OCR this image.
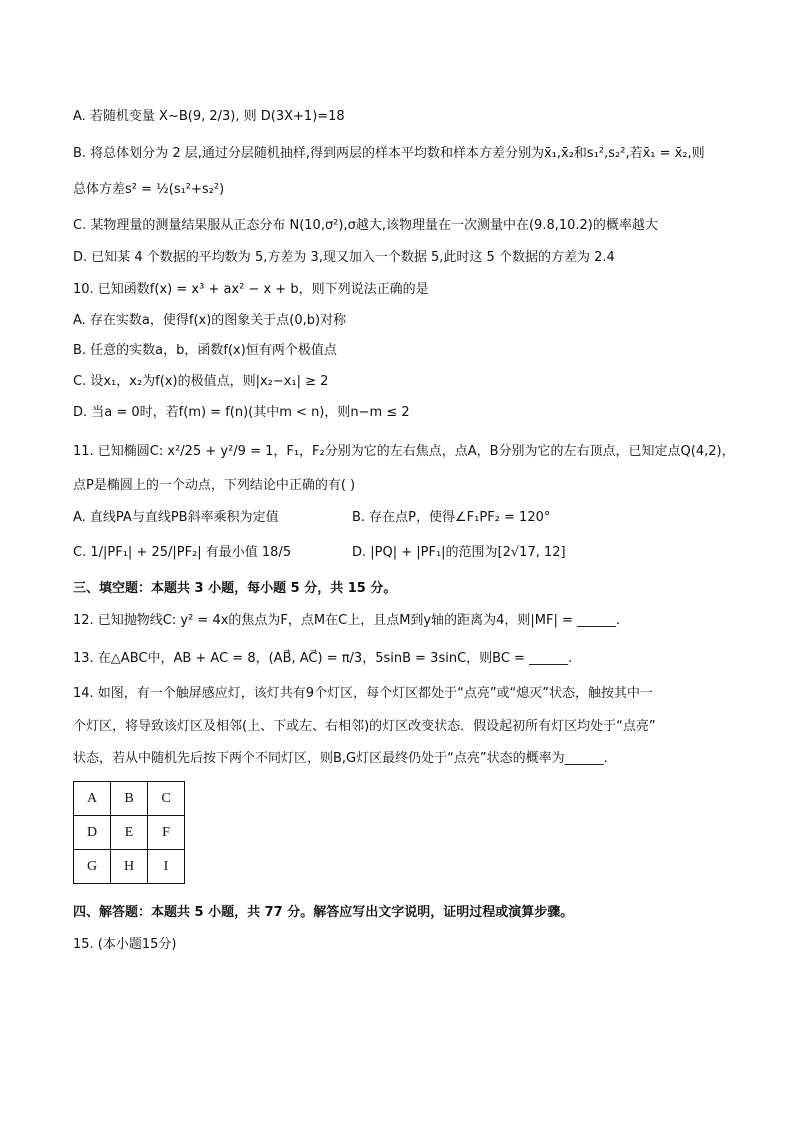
A. 若随机变量 X~B(9, 2/3), 则 D(3X+1)=18
B. 将总体划分为 2 层,通过分层随机抽样,得到两层的样本平均数和样本方差分别为x̄₁,x̄₂和s₁²,s₂²,若x̄₁ = x̄₂,则
总体方差s² = ½(s₁²+s₂²)
C. 某物理量的测量结果服从正态分布 N(10,σ²),σ越大,该物理量在一次测量中在(9.8,10.2)的概率越大
D. 已知某 4 个数据的平均数为 5,方差为 3,现又加入一个数据 5,此时这 5 个数据的方差为 2.4
10. 已知函数f(x) = x³ + ax² − x + b，则下列说法正确的是
A. 存在实数a，使得f(x)的图象关于点(0,b)对称
B. 任意的实数a，b，函数f(x)恒有两个极值点
C. 设x₁，x₂为f(x)的极值点，则|x₂−x₁| ≥ 2
D. 当a = 0时，若f(m) = f(n)(其中m < n)，则n−m ≤ 2
11. 已知椭圆C: x²/25 + y²/9 = 1，F₁，F₂分别为它的左右焦点，点A，B分别为它的左右顶点，已知定点Q(4,2)，
点P是椭圆上的一个动点，下列结论中正确的有( )
A. 直线PA与直线PB斜率乘积为定值	B. 存在点P，使得∠F₁PF₂ = 120°
C. 1/|PF₁| + 25/|PF₂| 有最小值 18/5	D. |PQ| + |PF₁|的范围为[2√17, 12]
三、填空题：本题共 3 小题，每小题 5 分，共 15 分。
12. 已知抛物线C: y² = 4x的焦点为F，点M在C上，且点M到y轴的距离为4，则|MF| = ______.
13. 在△ABC中，AB + AC = 8，(AB⃗, AC⃗) = π/3，5sinB = 3sinC，则BC = ______.
14. 如图，有一个触屏感应灯，该灯共有9个灯区，每个灯区都处于“点亮”或“熄灭”状态，触按其中一
个灯区，将导致该灯区及相邻(上、下或左、右相邻)的灯区改变状态．假设起初所有灯区均处于“点亮”
状态，若从中随机先后按下两个不同灯区，则B,G灯区最终仍处于“点亮”状态的概率为______.
A	B	C
D	E	F
G	H	I
四、解答题：本题共 5 小题，共 77 分。解答应写出文字说明，证明过程或演算步骤。
15. (本小题15分)
